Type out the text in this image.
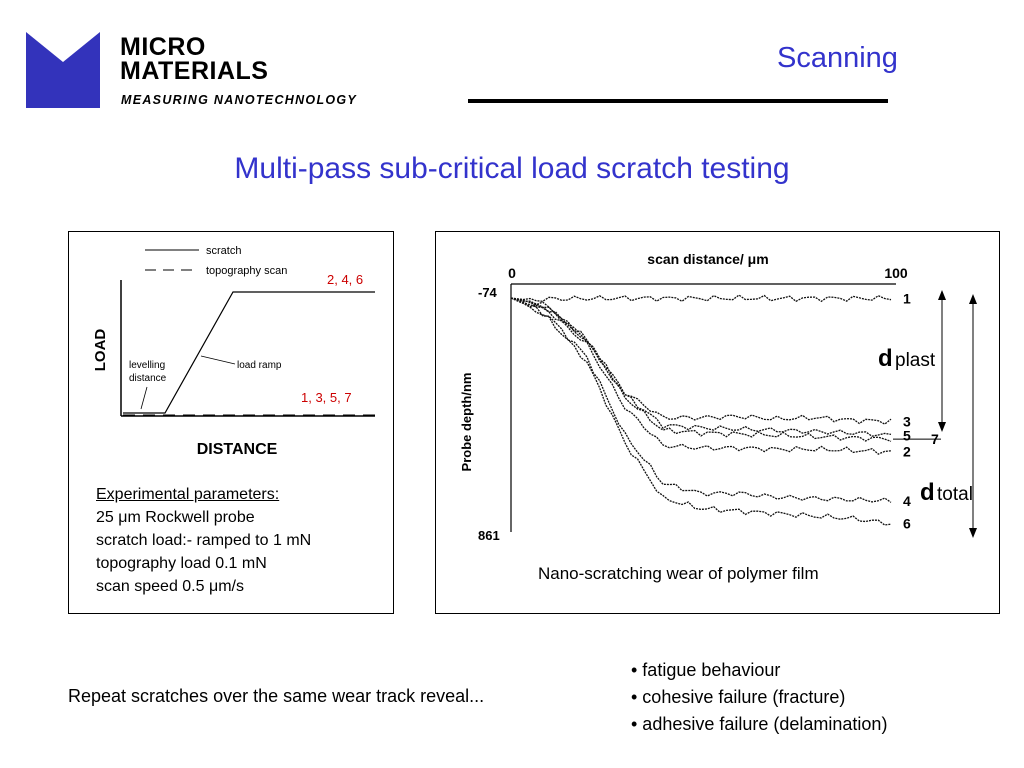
MICRO
MATERIALS
MEASURING NANOTECHNOLOGY
Scanning
Multi-pass sub-critical load scratch testing
scratch
topography scan
2, 4, 6
LOAD
DISTANCE
1, 3, 5, 7
levelling
distance
load ramp
Experimental parameters:
25 μm Rockwell probe
scratch load:- ramped to 1 mN
topography load 0.1 mN
scan speed 0.5 μm/s
scan distance/ μm
0	100
-74
861
Probe depth/nm
1
3
5 7
2
4
6
d plast
d total
Nano-scratching wear of polymer film
Repeat scratches over the same wear track reveal...
• fatigue behaviour
• cohesive failure (fracture)
• adhesive failure (delamination)
